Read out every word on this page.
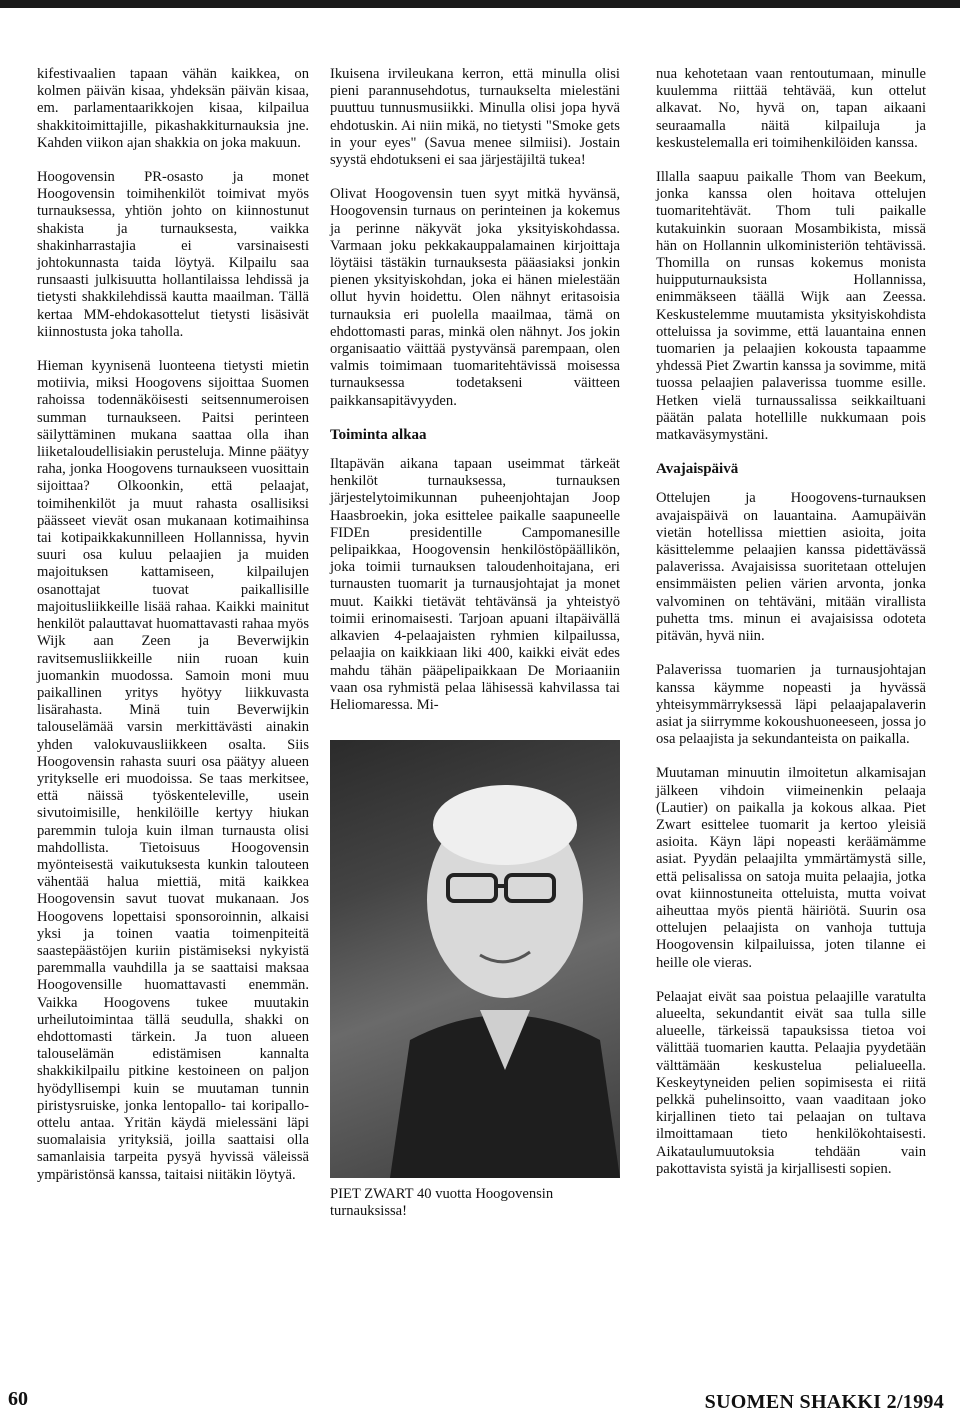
kifestivaalien tapaan vähän kaikkea, on kolmen päivän kisaa, yhdeksän päivän kisaa, em. parlamentaarikkojen kisaa, kilpailua shakkitoimittajille, pikashakkiturnauksia jne. Kahden viikon ajan shakkia on joka makuun.

Hoogovensin PR-osasto ja monet Hoogovensin toimihenkilöt toimivat myös turnauksessa, yhtiön johto on kiinnostunut shakista ja turnauksesta, vaikka shakinharrastajia ei varsinaisesti johtokunnasta taida löytyä. Kilpailu saa runsaasti julkisuutta hollantilaissa lehdissä ja tietysti shakkilehdissä kautta maailman. Tällä kertaa MM-ehdokasottelut tietysti lisäsivät kiinnostusta joka taholla.

Hieman kyynisenä luonteena tietysti mietin motiivia, miksi Hoogovens sijoittaa Suomen rahoissa todennäköisesti seitsennumeroisen summan turnaukseen. Paitsi perinteen säilyttäminen mukana saattaa olla ihan liiketaloudellisiakin perusteluja. Minne päätyy raha, jonka Hoogovens turnaukseen vuosittain sijoittaa? Olkoonkin, että pelaajat, toimihenkilöt ja muut rahasta osallisiksi päässeet vievät osan mukanaan kotimaihinsa tai kotipaikkakunnilleen Hollannissa, hyvin suuri osa kuluu pelaajien ja muiden majoituksen kattamiseen, kilpailujen osanottajat tuovat paikallisille majoitusliikkeille lisää rahaa. Kaikki mainitut henkilöt palauttavat huomattavasti rahaa myös Wijk aan Zeen ja Beverwijkin ravitsemusliikkeille niin ruoan kuin juomankin muodossa. Samoin moni muu paikallinen yritys hyötyy liikkuvasta lisärahasta. Minä tuin Beverwijkin talouselämää varsin merkittävästi ainakin yhden valokuvausliikkeen osalta. Siis Hoogovensin rahasta suuri osa päätyy alueen yritykselle eri muodoissa. Se taas merkitsee, että näissä työskenteleville, usein sivutoimisille, henkilöille kertyy hiukan paremmin tuloja kuin ilman turnausta olisi mahdollista. Tietoisuus Hoogovensin myönteisestä vaikutuksesta kunkin talouteen vähentää halua miettiä, mitä kaikkea Hoogovensin savut tuovat mukanaan. Jos Hoogovens lopettaisi sponsoroinnin, alkaisi yksi ja toinen vaatia toimenpiteitä saastepäästöjen kuriin pistämiseksi nykyistä paremmalla vauhdilla ja se saattaisi maksaa Hoogovensille huomattavasti enemmän. Vaikka Hoogovens tukee muutakin urheilutoimintaa tällä seudulla, shakki on ehdottomasti tärkein. Ja tuon alueen talouselämän edistämisen kannalta shakkikilpailu pitkine kestoineen on paljon hyödyllisempi kuin se muutaman tunnin piristysruiske, jonka lentopallo- tai koripallo-ottelu antaa. Yritän käydä mielessäni läpi suomalaisia yrityksiä, joilla saattaisi olla samanlaisia tarpeita pysyä hyvissä väleissä ympäristönsä kanssa, taitaisi niitäkin löytyä.

Ikuisena irvileukana kerron, että minulla olisi pieni parannusehdotus, turnaukselta mielestäni puuttuu tunnusmusiikki. Minulla olisi jopa hyvä ehdotuskin. Ai niin mikä, no tietysti "Smoke gets in your eyes" (Savua menee silmiisi). Jostain syystä ehdotukseni ei saa järjestäjiltä tukea!

Olivat Hoogovensin tuen syyt mitkä hyvänsä, Hoogovensin turnaus on perinteinen ja kokemus ja perinne näkyvät joka yksityiskohdassa. Varmaan joku pekkakauppalamainen kirjoittaja löytäisi tästäkin turnauksesta pääasiaksi jonkin pienen yksityiskohdan, joka ei hänen mielestään ollut hyvin hoidettu. Olen nähnyt eritasoisia turnauksia eri puolella maailmaa, tämä on ehdottomasti paras, minkä olen nähnyt. Jos jokin organisaatio väittää pystyvänsä parempaan, olen valmis toimimaan tuomaritehtävissä moisessa turnauksessa todetakseni väitteen paikkansapitävyyden.

Toiminta alkaa

Iltapävän aikana tapaan useimmat tärkeät henkilöt turnauksessa, turnauksen järjestelytoimikunnan puheenjohtajan Joop Haasbroekin, joka esittelee paikalle saapuneelle FIDEn presidentille Campomanesille pelipaikkaa, Hoogovensin henkilöstöpäällikön, joka toimii turnauksen taloudenhoitajana, eri turnausten tuomarit ja turnausjohtajat ja monet muut. Kaikki tietävät tehtävänsä ja yhteistyö toimii erinomaisesti. Tarjoan apuani iltapäivällä alkavien 4-pelaajaisten ryhmien kilpailussa, pelaajia on kaikkiaan liki 400, kaikki eivät edes mahdu tähän pääpelipaikkaan De Moriaaniin vaan osa ryhmistä pelaa lähisessä kahvilassa tai Heliomaressa. Mi-

PIET ZWART 40 vuotta Hoogovensin turnauksissa!

nua kehotetaan vaan rentoutumaan, minulle kuulemma riittää tehtävää, kun ottelut alkavat. No, hyvä on, tapan aikaani seuraamalla näitä kilpailuja ja keskustelemalla eri toimihenkilöiden kanssa.

Illalla saapuu paikalle Thom van Beekum, jonka kanssa olen hoitava ottelujen tuomaritehtävät. Thom tuli paikalle kutakuinkin suoraan Mosambikista, missä hän on Hollannin ulkoministeriön tehtävissä. Thomilla on runsas kokemus monista huipputurnauksista Hollannissa, enimmäkseen täällä Wijk aan Zeessa. Keskustelemme muutamista yksityiskohdista otteluissa ja sovimme, että lauantaina ennen tuomarien ja pelaajien kokousta tapaamme yhdessä Piet Zwartin kanssa ja sovimme, mitä tuossa pelaajien palaverissa tuomme esille. Hetken vielä turnaussalissa seikkailtuani päätän palata hotellille nukkumaan pois matkaväsymystäni.

Avajaispäivä

Ottelujen ja Hoogovens-turnauksen avajaispäivä on lauantaina. Aamupäivän vietän hotellissa miettien asioita, joita käsittelemme pelaajien kanssa pidettävässä palaverissa. Avajaisissa suoritetaan ottelujen ensimmäisten pelien värien arvonta, jonka valvominen on tehtäväni, mitään virallista puhetta tms. minun ei avajaisissa odoteta pitävän, hyvä niin.

Palaverissa tuomarien ja turnausjohtajan kanssa käymme nopeasti ja hyvässä yhteisymmärryksessä läpi pelaajapalaverin asiat ja siirrymme kokoushuoneeseen, jossa jo osa pelaajista ja sekundanteista on paikalla.

Muutaman minuutin ilmoitetun alkamisajan jälkeen vihdoin viimeinenkin pelaaja (Lautier) on paikalla ja kokous alkaa. Piet Zwart esittelee tuomarit ja kertoo yleisiä asioita. Käyn läpi nopeasti keräämämme asiat. Pyydän pelaajilta ymmärtämystä sille, että pelisalissa on satoja muita pelaajia, jotka ovat kiinnostuneita otteluista, mutta voivat aiheuttaa myös pientä häiriötä. Suurin osa ottelujen pelaajista on vanhoja tuttuja Hoogovensin kilpailuissa, joten tilanne ei heille ole vieras.

Pelaajat eivät saa poistua pelaajille varatulta alueelta, sekundantit eivät saa tulla sille alueelle, tärkeissä tapauksissa tietoa voi välittää tuomarien kautta. Pelaajia pyydetään välttämään keskustelua pelialueella. Keskeytyneiden pelien sopimisesta ei riitä pelkkä puhelinsoitto, vaan vaaditaan joko kirjallinen tieto tai pelaajan on tultava ilmoittamaan tieto henkilökohtaisesti. Aikataulumuutoksia tehdään vain pakottavista syistä ja kirjallisesti sopien.

60	SUOMEN SHAKKI 2/1994
